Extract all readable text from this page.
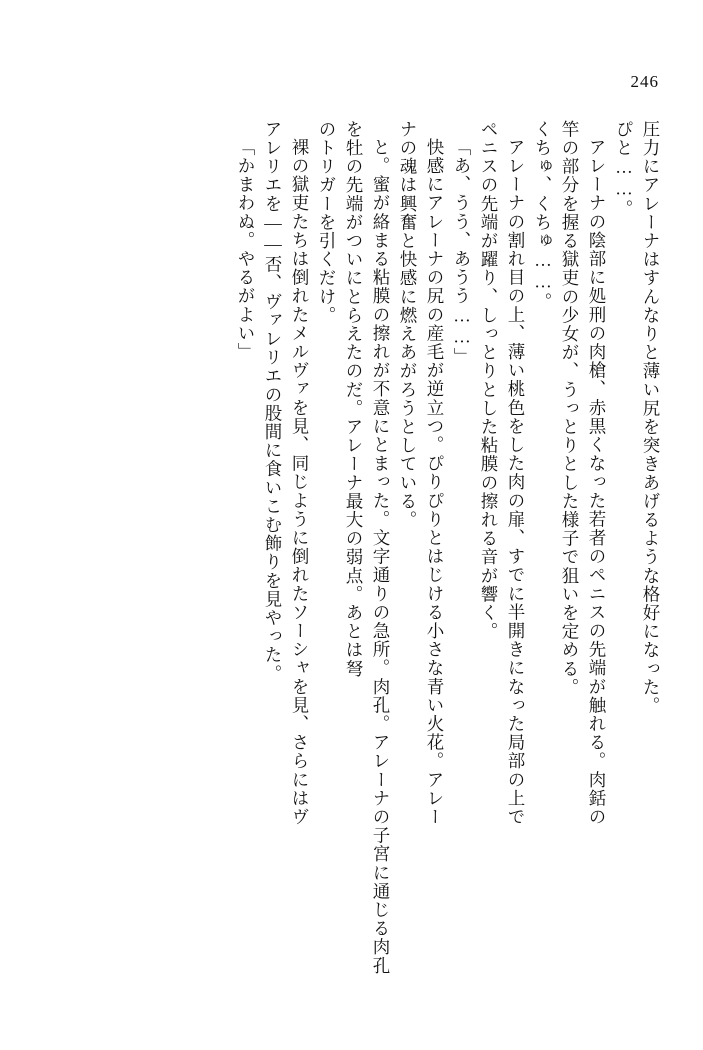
246
圧力にアレーナはすんなりと薄い尻を突きあげるような格好になった。
ぴと……。
アレーナの陰部に処刑の肉槍、赤黒くなった若者のペニスの先端が触れる。肉銛の
竿の部分を握る獄吏の少女が、うっとりとした様子で狙いを定める。
くちゅ、くちゅ……。
アレーナの割れ目の上、薄い桃色をした肉の扉、すでに半開きになった局部の上で
ペニスの先端が躍り、しっとりとした粘膜の擦れる音が響く。
「あ、うう、あうう……」
快感にアレーナの尻の産毛が逆立つ。ぴりぴりとはじける小さな青い火花。アレー
ナの魂は興奮と快感に燃えあがろうとしている。
と。蜜が絡まる粘膜の擦れが不意にとまった。文字通りの急所。肉孔。アレーナの子宮に通じる肉孔
を牡の先端がついにとらえたのだ。アレーナ最大の弱点。あとは弩
のトリガーを引くだけ。
裸の獄吏たちは倒れたメルヴァを見、同じように倒れたソーシャを見、さらにはヴ
アレリエを——否、ヴァレリエの股間に食いこむ飾りを見やった。
「かまわぬ。やるがよい」
